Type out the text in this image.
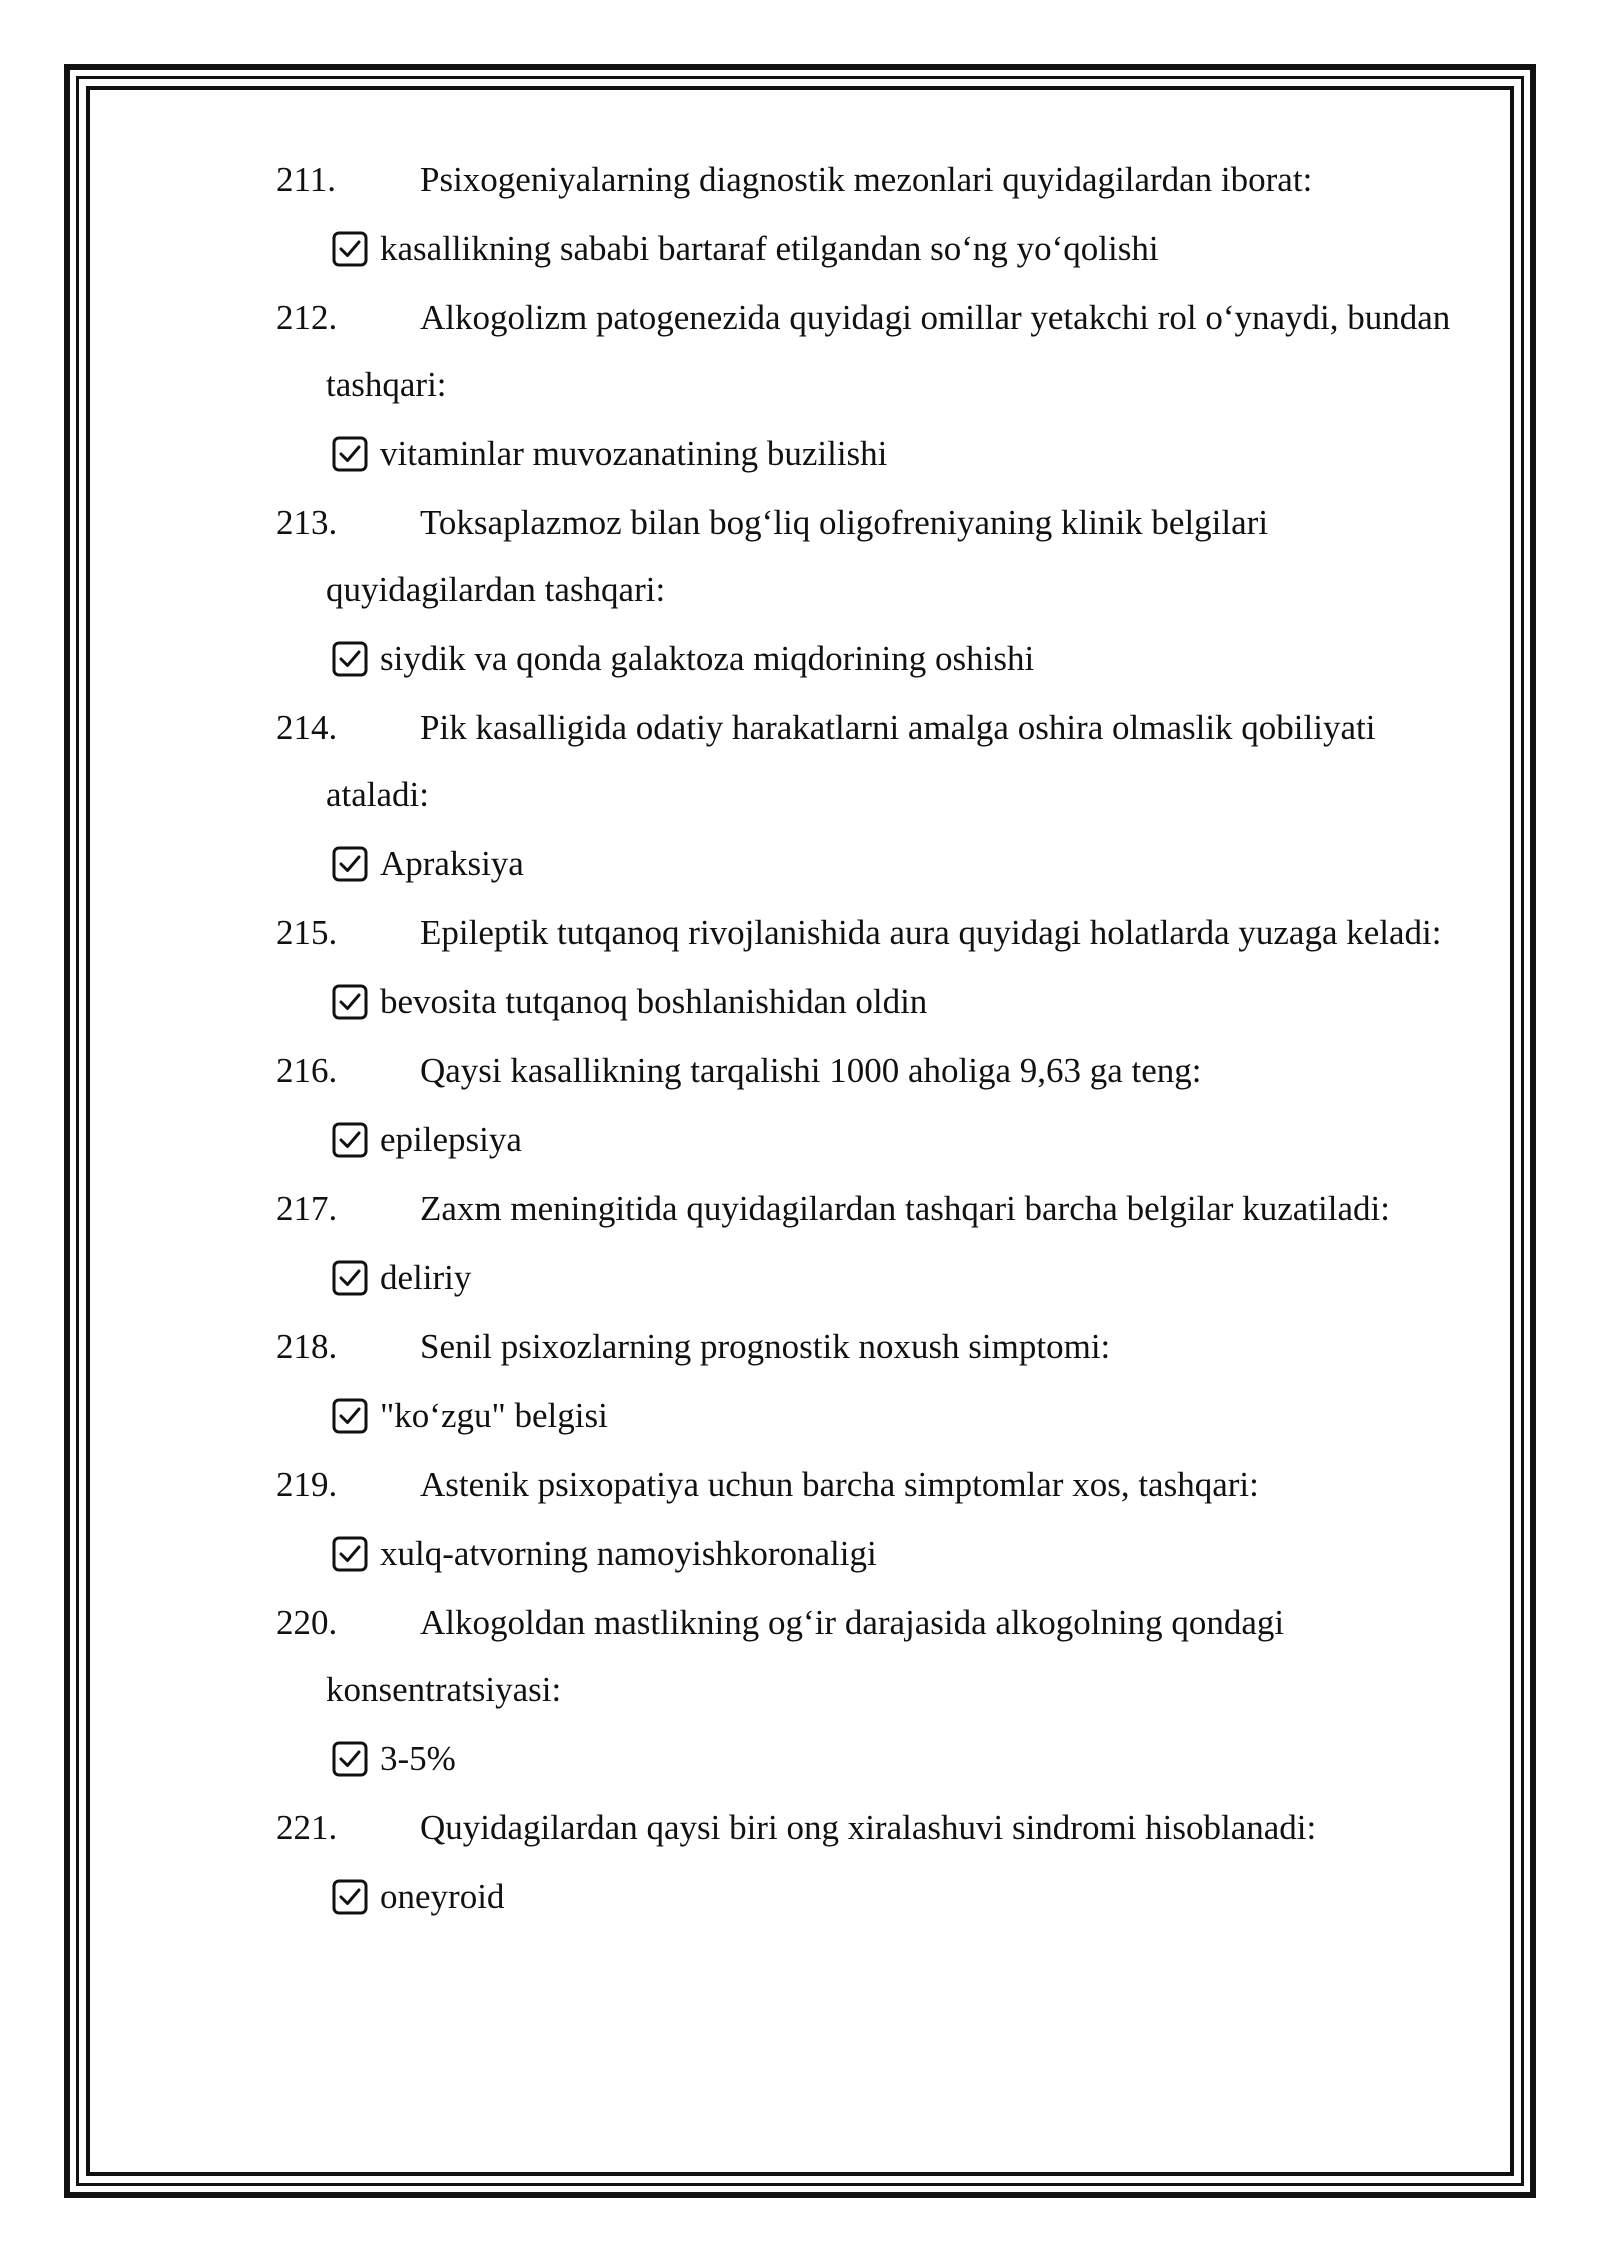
211.	Psixogeniyalarning diagnostik mezonlari quyidagilardan iborat:

kasallikning sababi bartaraf etilgandan so‘ng yo‘qolishi

212.	Alkogolizm patogenezida quyidagi omillar yetakchi rol o‘ynaydi, bundan tashqari:

vitaminlar muvozanatining buzilishi

213.	Toksaplazmoz bilan bog‘liq oligofreniyaning klinik belgilari quyidagilardan tashqari:

siydik va qonda galaktoza miqdorining oshishi

214.	Pik kasalligida odatiy harakatlarni amalga oshira olmaslik qobiliyati ataladi:

Apraksiya

215.	Epileptik tutqanoq rivojlanishida aura quyidagi holatlarda yuzaga keladi:

bevosita tutqanoq boshlanishidan oldin

216.	Qaysi kasallikning tarqalishi 1000 aholiga 9,63 ga teng:

epilepsiya

217.	Zaxm meningitida quyidagilardan tashqari barcha belgilar kuzatiladi:

deliriy

218.	Senil psixozlarning prognostik noxush simptomi:

"ko‘zgu" belgisi

219.	Astenik psixopatiya uchun barcha simptomlar xos, tashqari:

xulq-atvorning namoyishkoronaligi

220.	Alkogoldan mastlikning og‘ir darajasida alkogolning qondagi konsentratsiyasi:

3-5%

221.	Quyidagilardan qaysi biri ong xiralashuvi sindromi hisoblanadi:

oneyroid
